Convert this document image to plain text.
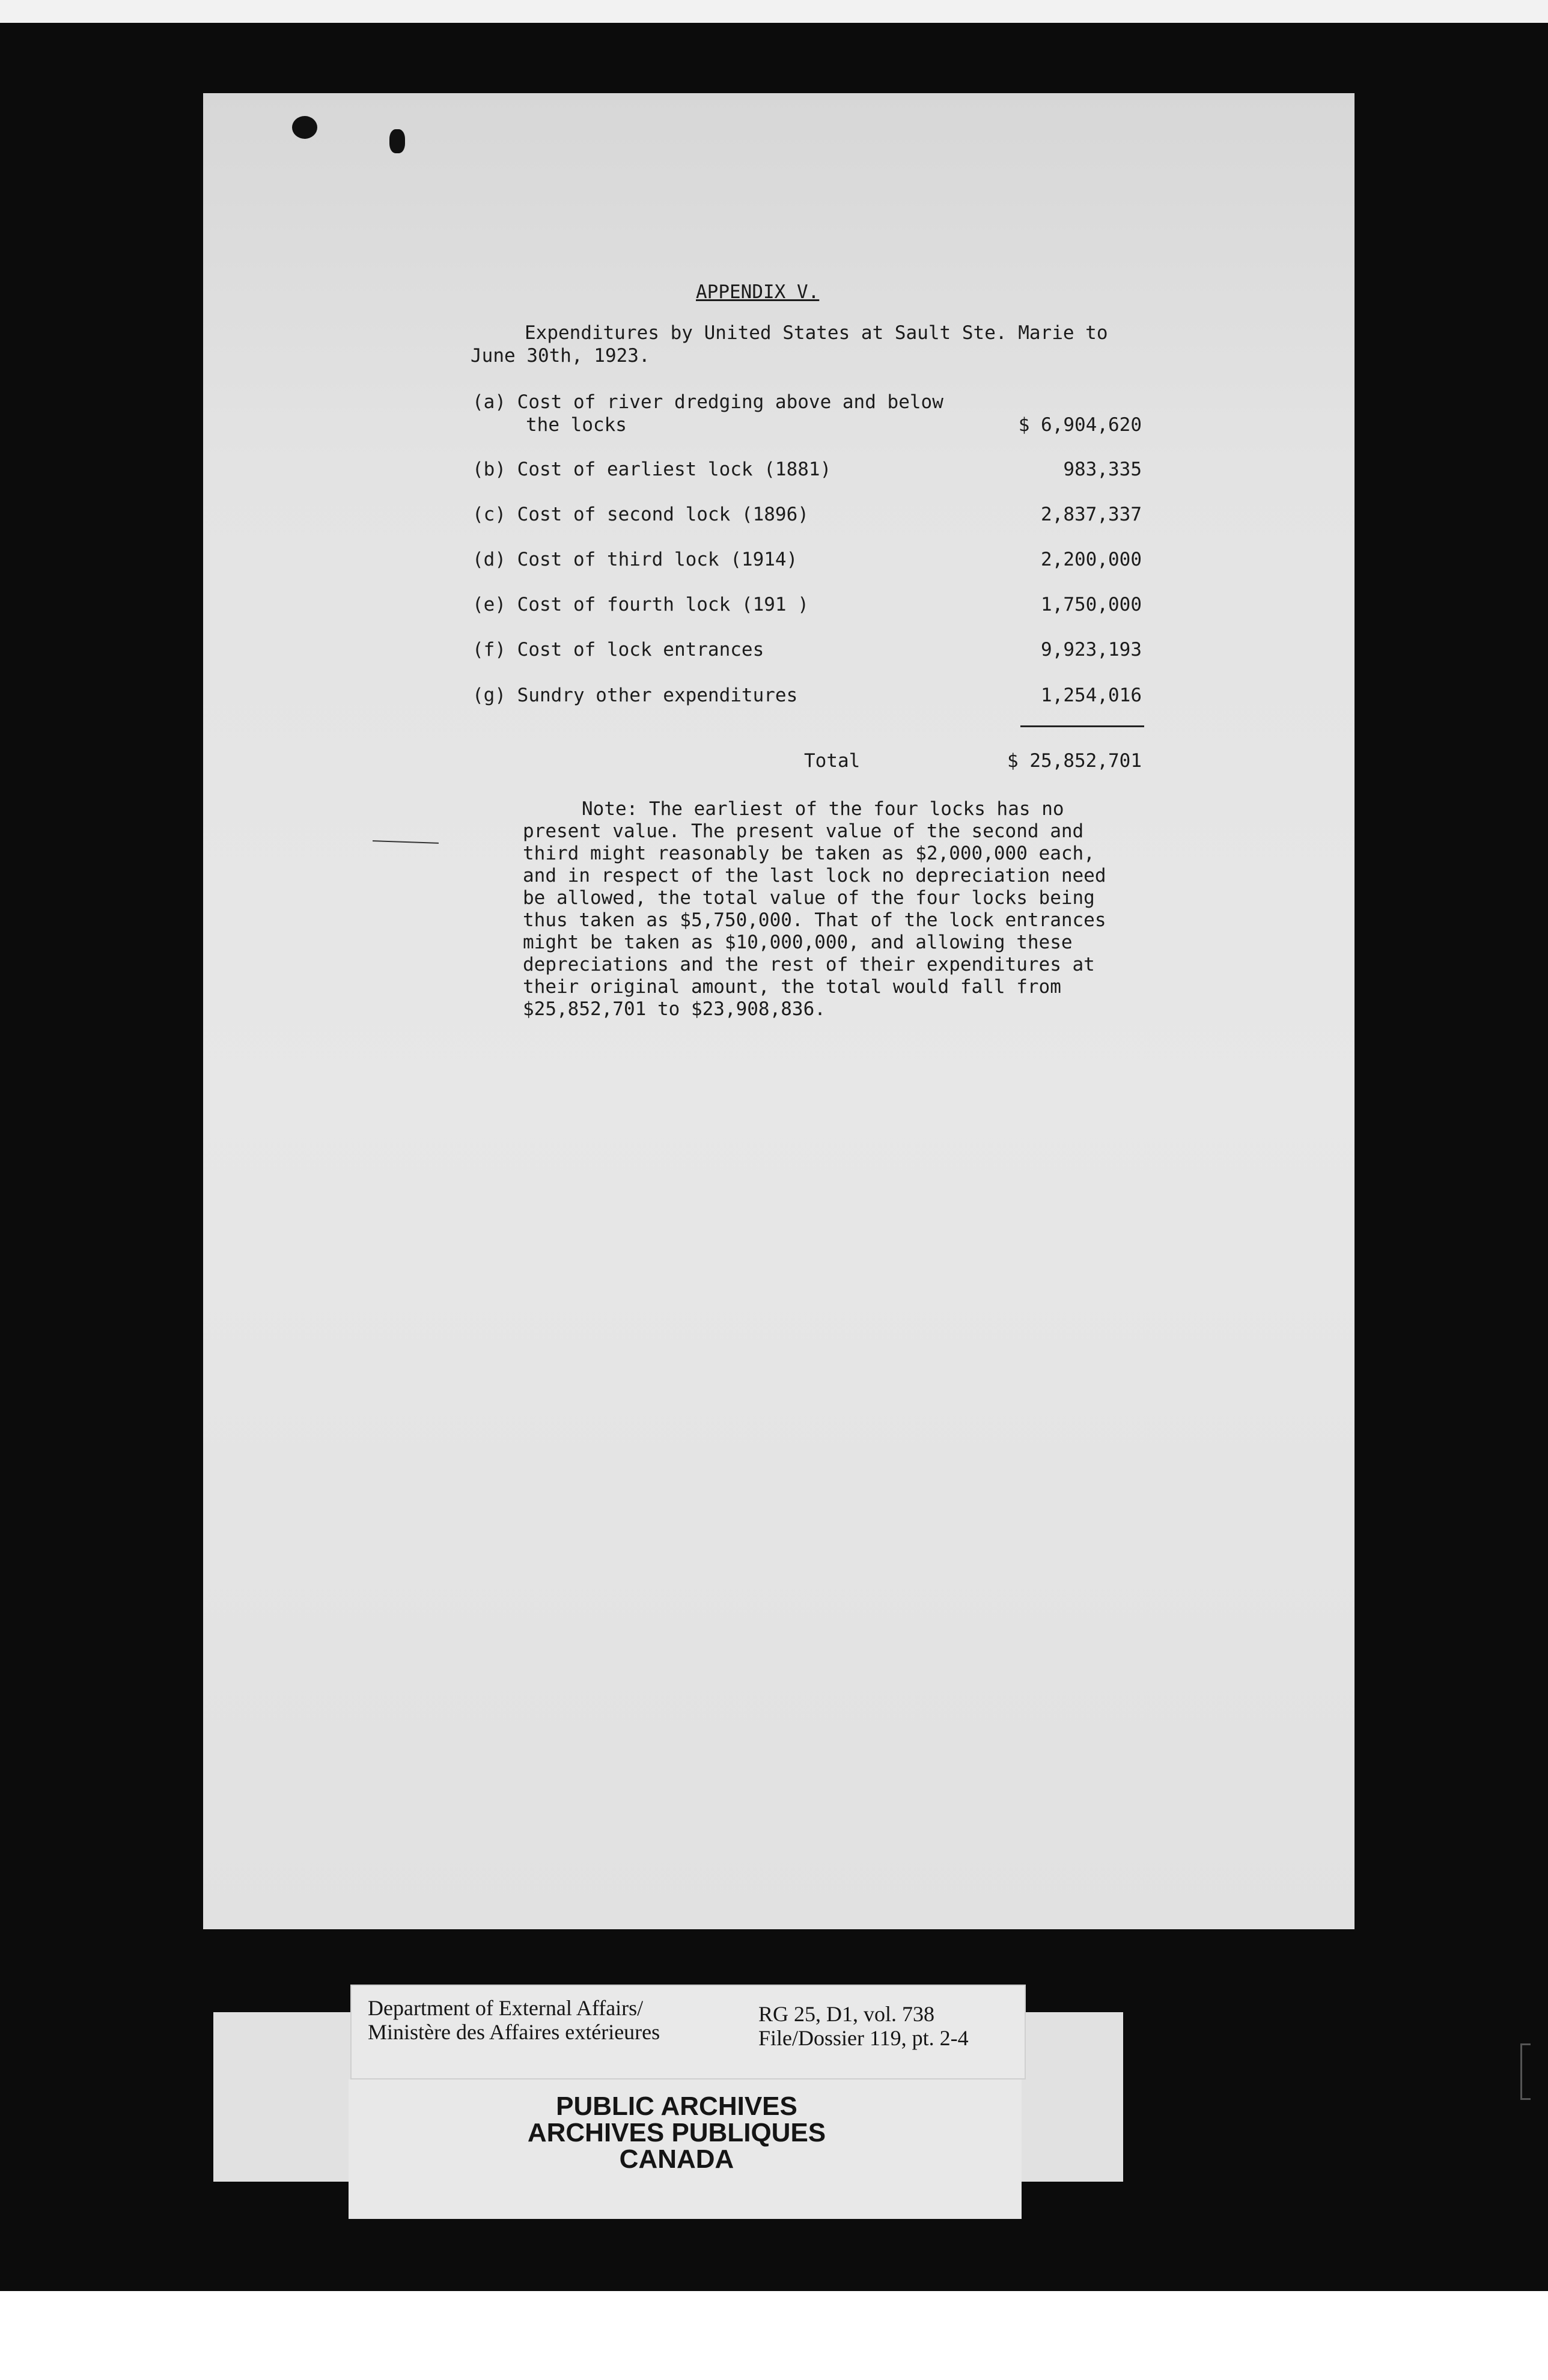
APPENDIX V.
Expenditures by United States at Sault Ste. Marie to
June 30th, 1923.
(a) Cost of river dredging above and below
the locks	$ 6,904,620
(b) Cost of earliest lock (1881)	983,335
(c) Cost of second lock (1896)	2,837,337
(d) Cost of third lock (1914)	2,200,000
(e) Cost of fourth lock (191 )	1,750,000
(f) Cost of lock entrances	9,923,193
(g) Sundry other expenditures	1,254,016
Total	$ 25,852,701
Note: The earliest of the four locks has no
present value. The present value of the second and
third might reasonably be taken as $2,000,000 each,
and in respect of the last lock no depreciation need
be allowed, the total value of the four locks being
thus taken as $5,750,000. That of the lock entrances
might be taken as $10,000,000, and allowing these
depreciations and the rest of their expenditures at
their original amount, the total would fall from
$25,852,701 to $23,908,836.
Department of External Affairs/
Ministère des Affaires extérieures
RG 25, D1, vol. 738
File/Dossier 119, pt. 2-4
PUBLIC ARCHIVES
ARCHIVES PUBLIQUES
CANADA
